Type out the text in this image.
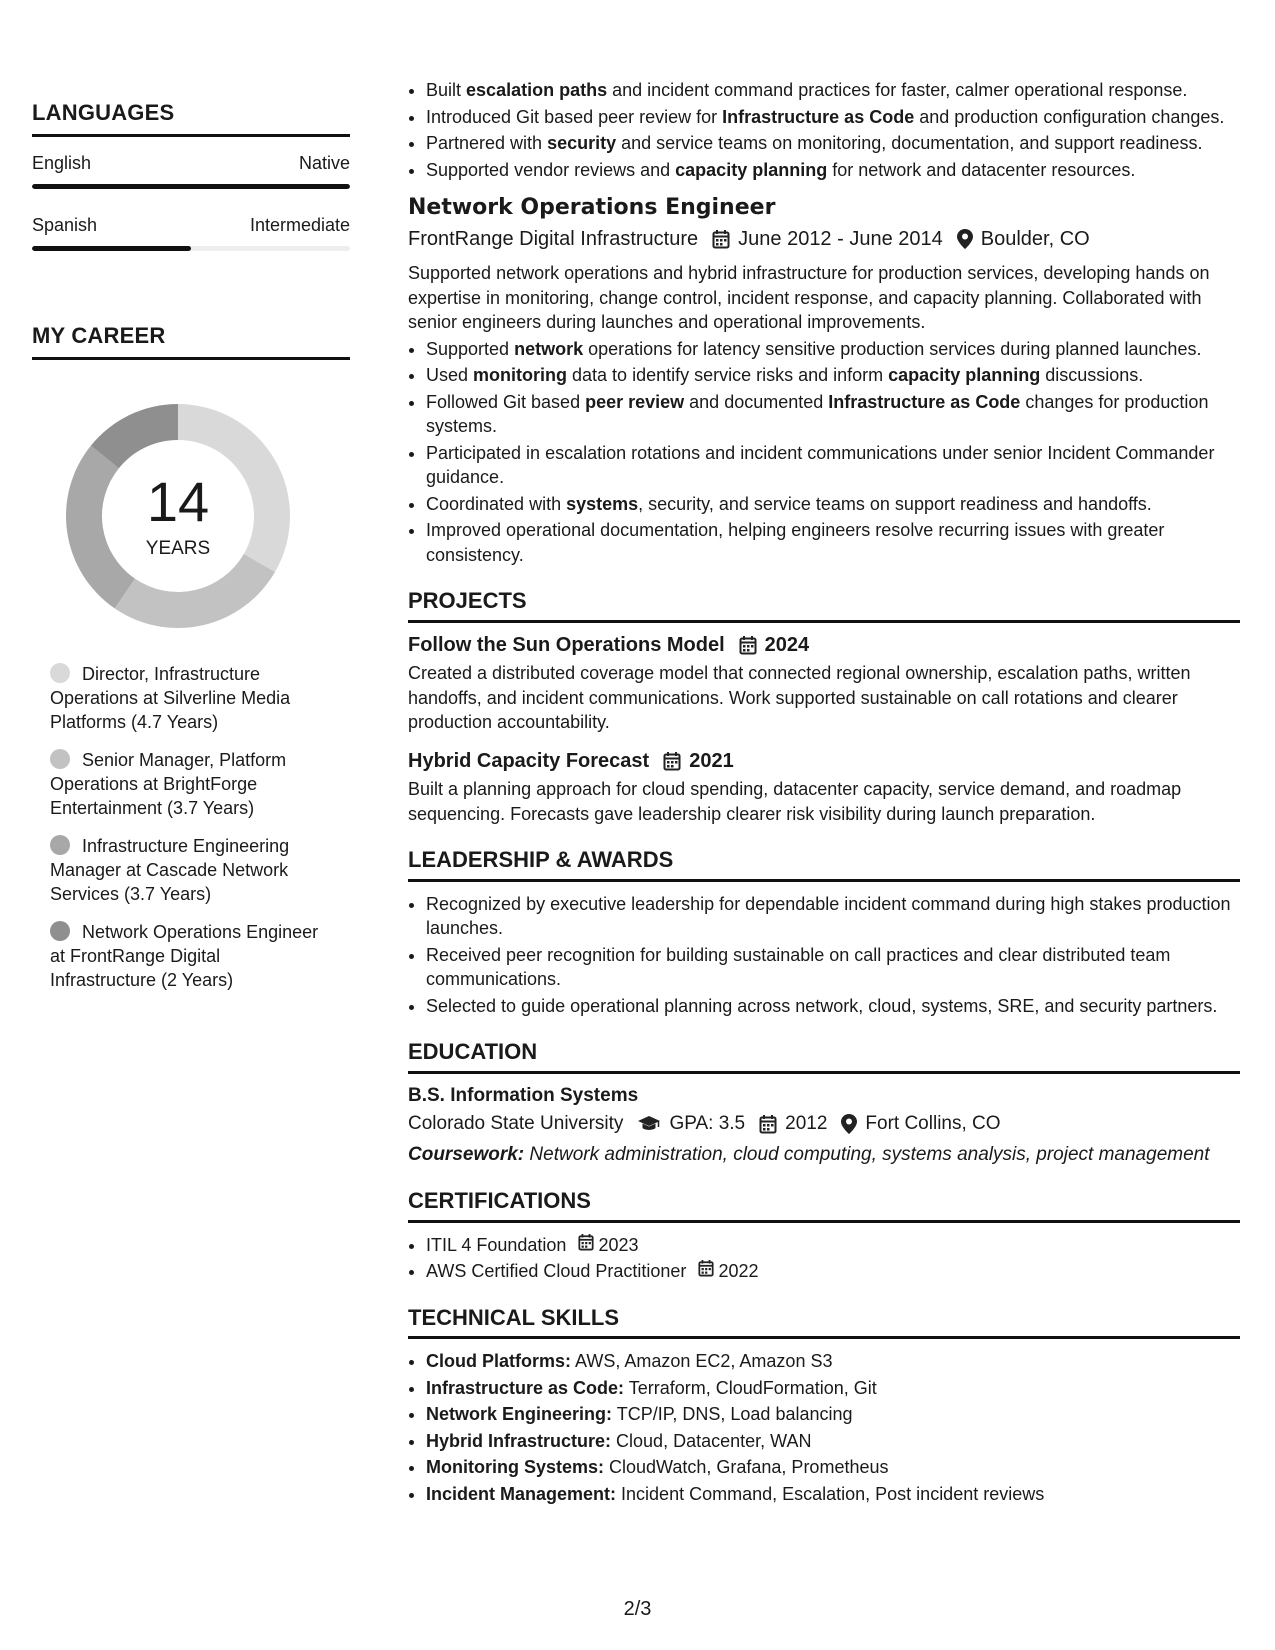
LANGUAGES
English	Native
Spanish	Intermediate
MY CAREER
14
YEARS
Director, Infrastructure Operations at Silverline Media Platforms (4.7 Years)
Senior Manager, Platform Operations at BrightForge Entertainment (3.7 Years)
Infrastructure Engineering Manager at Cascade Network Services (3.7 Years)
Network Operations Engineer at FrontRange Digital Infrastructure (2 Years)
• Built escalation paths and incident command practices for faster, calmer operational response.
• Introduced Git based peer review for Infrastructure as Code and production configuration changes.
• Partnered with security and service teams on monitoring, documentation, and support readiness.
• Supported vendor reviews and capacity planning for network and datacenter resources.
Network Operations Engineer
FrontRange Digital Infrastructure June 2012 - June 2014 Boulder, CO

Supported network operations and hybrid infrastructure for production services, developing hands on expertise in monitoring, change control, incident response, and capacity planning. Collaborated with senior engineers during launches and operational improvements.

• Supported network operations for latency sensitive production services during planned launches.
• Used monitoring data to identify service risks and inform capacity planning discussions.
• Followed Git based peer review and documented Infrastructure as Code changes for production systems.
• Participated in escalation rotations and incident communications under senior Incident Commander guidance.
• Coordinated with systems, security, and service teams on support readiness and handoffs.
• Improved operational documentation, helping engineers resolve recurring issues with greater consistency.
PROJECTS
Follow the Sun Operations Model 2024

Created a distributed coverage model that connected regional ownership, escalation paths, written handoffs, and incident communications. Work supported sustainable on call rotations and clearer production accountability.

Hybrid Capacity Forecast 2021

Built a planning approach for cloud spending, datacenter capacity, service demand, and roadmap sequencing. Forecasts gave leadership clearer risk visibility during launch preparation.

LEADERSHIP & AWARDS
• Recognized by executive leadership for dependable incident command during high stakes production launches.
• Received peer recognition for building sustainable on call practices and clear distributed team communications.
• Selected to guide operational planning across network, cloud, systems, SRE, and security partners.
EDUCATION
B.S. Information Systems
Colorado State University GPA: 3.5 2012 Fort Collins, CO

Coursework: Network administration, cloud computing, systems analysis, project management

CERTIFICATIONS
• ITIL 4 Foundation 2023
• AWS Certified Cloud Practitioner 2022
TECHNICAL SKILLS
• Cloud Platforms: AWS, Amazon EC2, Amazon S3
• Infrastructure as Code: Terraform, CloudFormation, Git
• Network Engineering: TCP/IP, DNS, Load balancing
• Hybrid Infrastructure: Cloud, Datacenter, WAN
• Monitoring Systems: CloudWatch, Grafana, Prometheus
• Incident Management: Incident Command, Escalation, Post incident reviews
2/3
